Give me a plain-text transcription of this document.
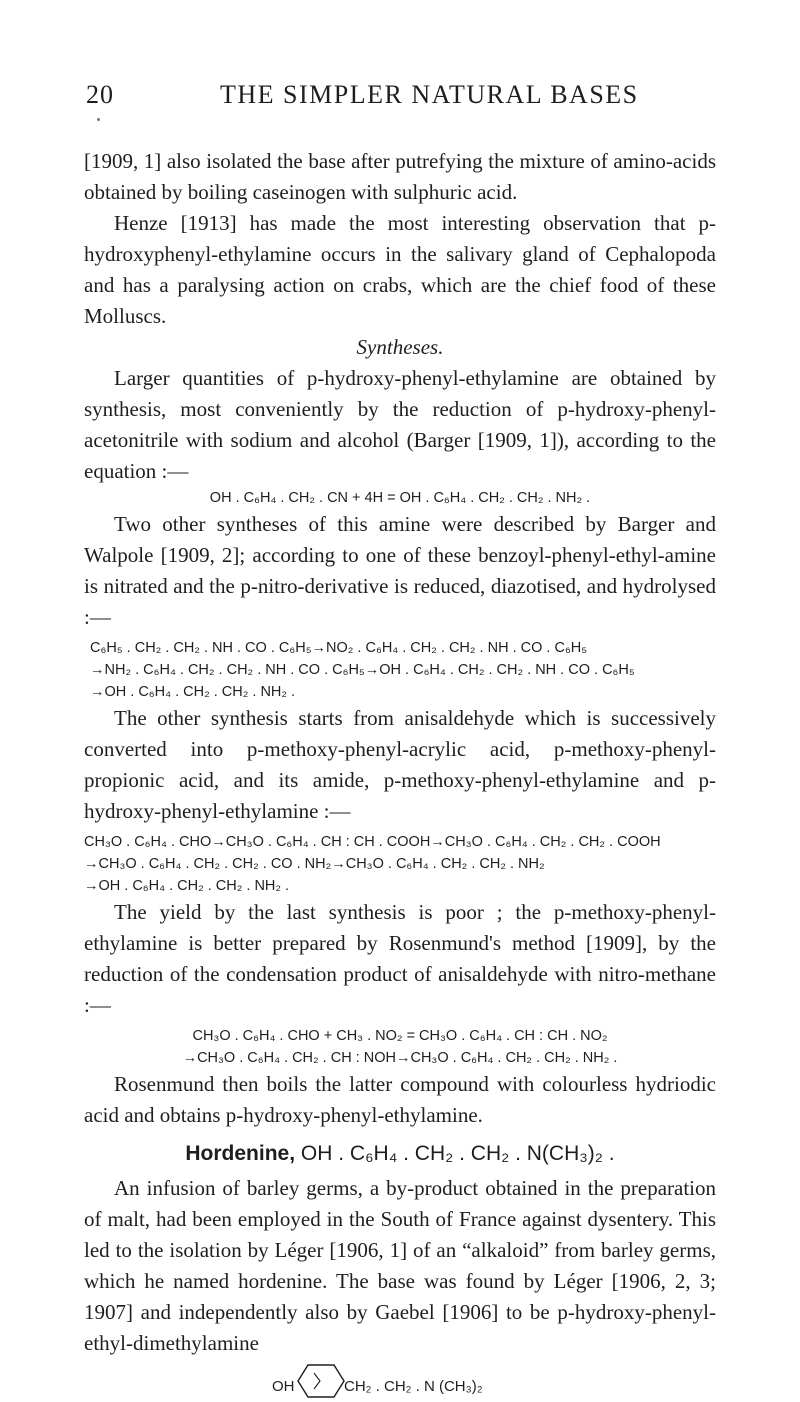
20	THE SIMPLER NATURAL BASES

[1909, 1] also isolated the base after putrefying the mixture of amino-acids obtained by boiling caseinogen with sulphuric acid.

Henze [1913] has made the most interesting observation that p-hydroxyphenyl-ethylamine occurs in the salivary gland of Cephalopoda and has a paralysing action on crabs, which are the chief food of these Molluscs.

Syntheses.

Larger quantities of p-hydroxy-phenyl-ethylamine are obtained by synthesis, most conveniently by the reduction of p-hydroxy-phenyl-acetonitrile with sodium and alcohol (Barger [1909, 1]), according to the equation :—

OH . C₆H₄ . CH₂ . CN + 4H = OH . C₆H₄ . CH₂ . CH₂ . NH₂ .

Two other syntheses of this amine were described by Barger and Walpole [1909, 2]; according to one of these benzoyl-phenyl-ethyl-amine is nitrated and the p-nitro-derivative is reduced, diazotised, and hydrolysed :—

C₆H₅ . CH₂ . CH₂ . NH . CO . C₆H₅→NO₂ . C₆H₄ . CH₂ . CH₂ . NH . CO . C₆H₅
→NH₂ . C₆H₄ . CH₂ . CH₂ . NH . CO . C₆H₅→OH . C₆H₄ . CH₂ . CH₂ . NH . CO . C₆H₅
→OH . C₆H₄ . CH₂ . CH₂ . NH₂ .

The other synthesis starts from anisaldehyde which is successively converted into p-methoxy-phenyl-acrylic acid, p-methoxy-phenyl-propionic acid, and its amide, p-methoxy-phenyl-ethylamine and p-hydroxy-phenyl-ethylamine :—

CH₃O . C₆H₄ . CHO→CH₃O . C₆H₄ . CH : CH . COOH→CH₃O . C₆H₄ . CH₂ . CH₂ . COOH
→CH₃O . C₆H₄ . CH₂ . CH₂ . CO . NH₂→CH₃O . C₆H₄ . CH₂ . CH₂ . NH₂
→OH . C₆H₄ . CH₂ . CH₂ . NH₂ .

The yield by the last synthesis is poor ; the p-methoxy-phenyl-ethylamine is better prepared by Rosenmund's method [1909], by the reduction of the condensation product of anisaldehyde with nitro-methane :—

CH₃O . C₆H₄ . CHO + CH₃ . NO₂ = CH₃O . C₆H₄ . CH : CH . NO₂
→CH₃O . C₆H₄ . CH₂ . CH : NOH→CH₃O . C₆H₄ . CH₂ . CH₂ . NH₂ .

Rosenmund then boils the latter compound with colourless hydriodic acid and obtains p-hydroxy-phenyl-ethylamine.

Hordenine, OH . C₆H₄ . CH₂ . CH₂ . N(CH₃)₂ .

An infusion of barley germs, a by-product obtained in the preparation of malt, had been employed in the South of France against dysentery. This led to the isolation by Léger [1906, 1] of an “alkaloid” from barley germs, which he named hordenine. The base was found by Léger [1906, 2, 3; 1907] and independently also by Gaebel [1906] to be p-hydroxy-phenyl-ethyl-dimethylamine

OH	CH₂ . CH₂ . N (CH₃)₂
